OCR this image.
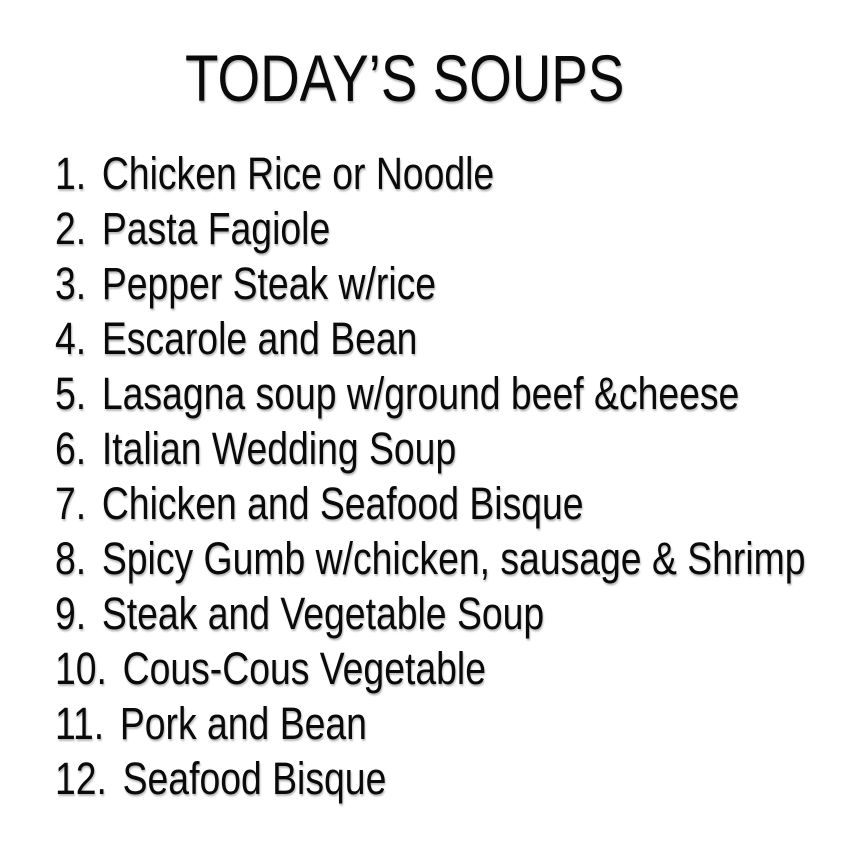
TODAY’S SOUPS
1. Chicken Rice or Noodle
2. Pasta Fagiole
3. Pepper Steak w/rice
4. Escarole and Bean
5. Lasagna soup w/ground beef &cheese
6. Italian Wedding Soup
7. Chicken and Seafood Bisque
8. Spicy Gumb w/chicken, sausage & Shrimp
9. Steak and Vegetable Soup
10. Cous-Cous Vegetable
11. Pork and Bean
12. Seafood Bisque
